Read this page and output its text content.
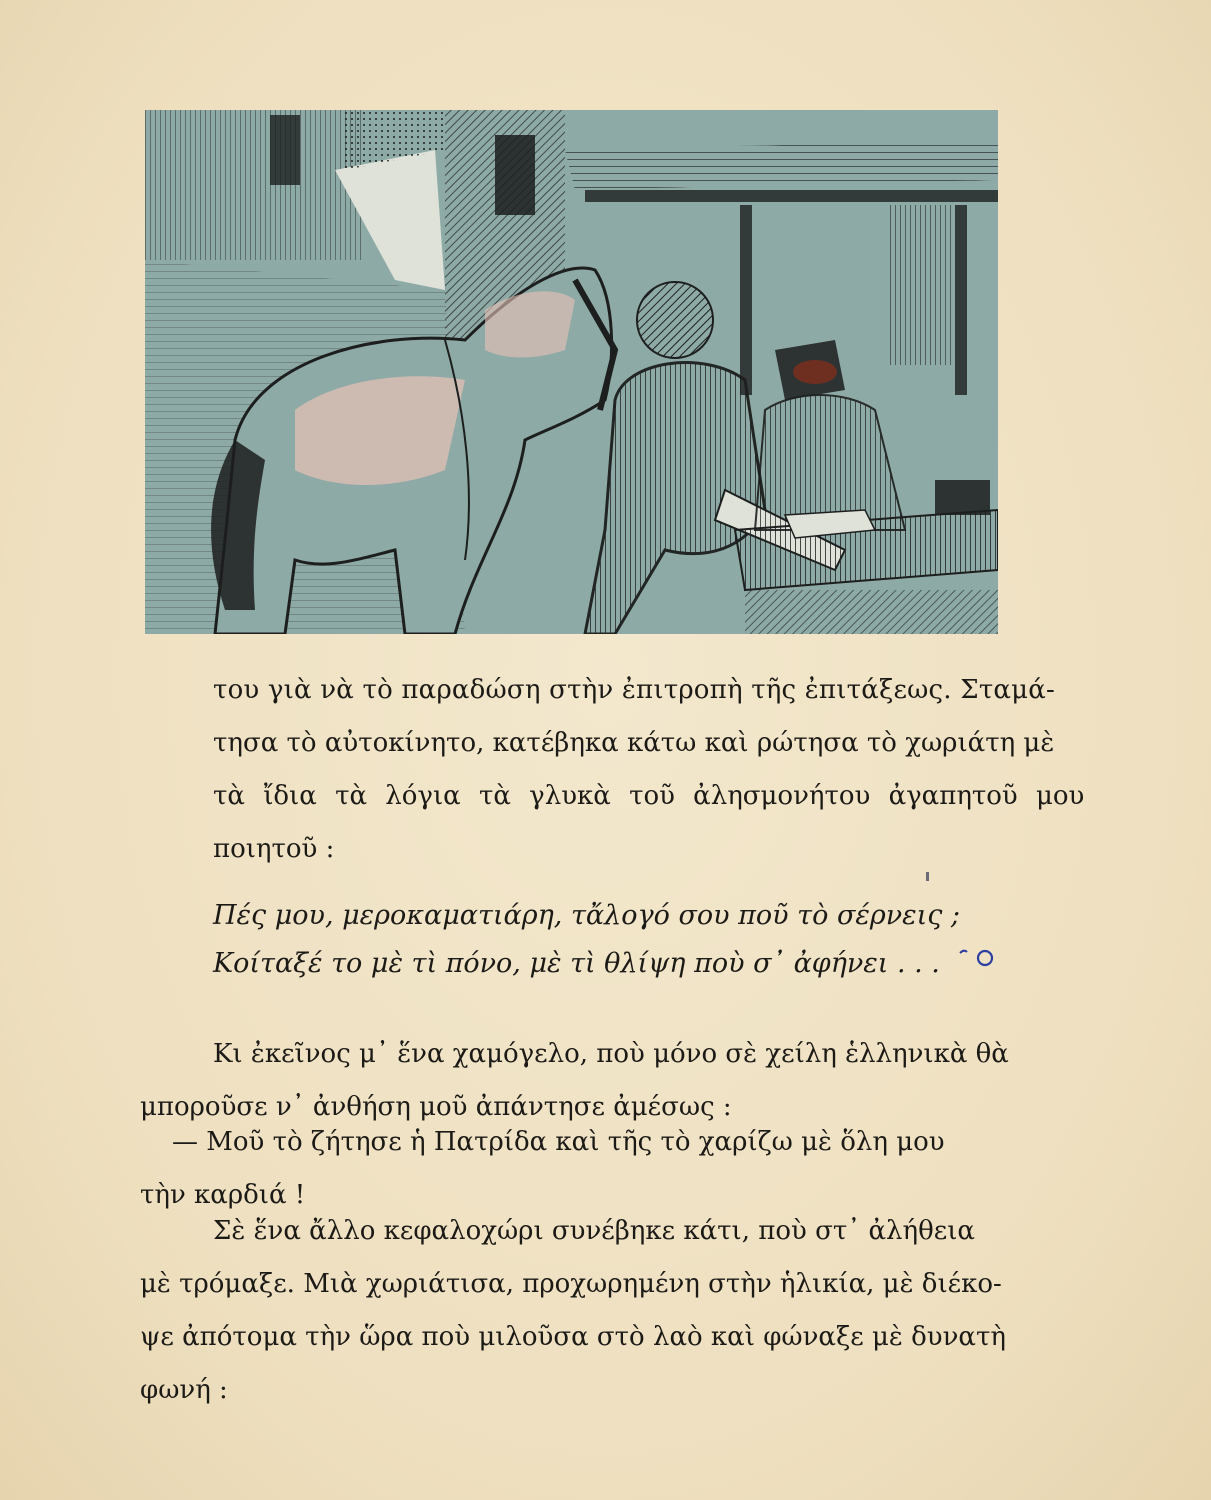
του γιὰ νὰ τὸ παραδώση στὴν ἐπιτροπὴ τῆς ἐπιτάξεως. Σταμά-
τησα τὸ αὐτοκίνητο, κατέβηκα κάτω καὶ ρώτησα τὸ χωριάτη μὲ
τὰ ἴδια τὰ λόγια τὰ γλυκὰ τοῦ ἀλησμονήτου ἀγαπητοῦ μου
ποιητοῦ :
Πές μου, μεροκαματιάρη, τἄλογό σου ποῦ τὸ σέρνεις ;
Κοίταξέ το μὲ τὶ πόνο, μὲ τὶ θλίψη ποὺ σ᾽ ἀφήνει . . .
Κι ἐκεῖνος μ᾽ ἕνα χαμόγελο, ποὺ μόνο σὲ χείλη ἑλληνικὰ θὰ
μποροῦσε ν᾽ ἀνθήση μοῦ ἀπάντησε ἀμέσως :
— Μοῦ τὸ ζήτησε ἡ Πατρίδα καὶ τῆς τὸ χαρίζω μὲ ὅλη μου
τὴν καρδιά !
Σὲ ἕνα ἄλλο κεφαλοχώρι συνέβηκε κάτι, ποὺ στ᾽ ἀλήθεια
μὲ τρόμαξε. Μιὰ χωριάτισα, προχωρημένη στὴν ἡλικία, μὲ διέκο-
ψε ἀπότομα τὴν ὥρα ποὺ μιλοῦσα στὸ λαὸ καὶ φώναξε μὲ δυνατὴ
φωνή :
